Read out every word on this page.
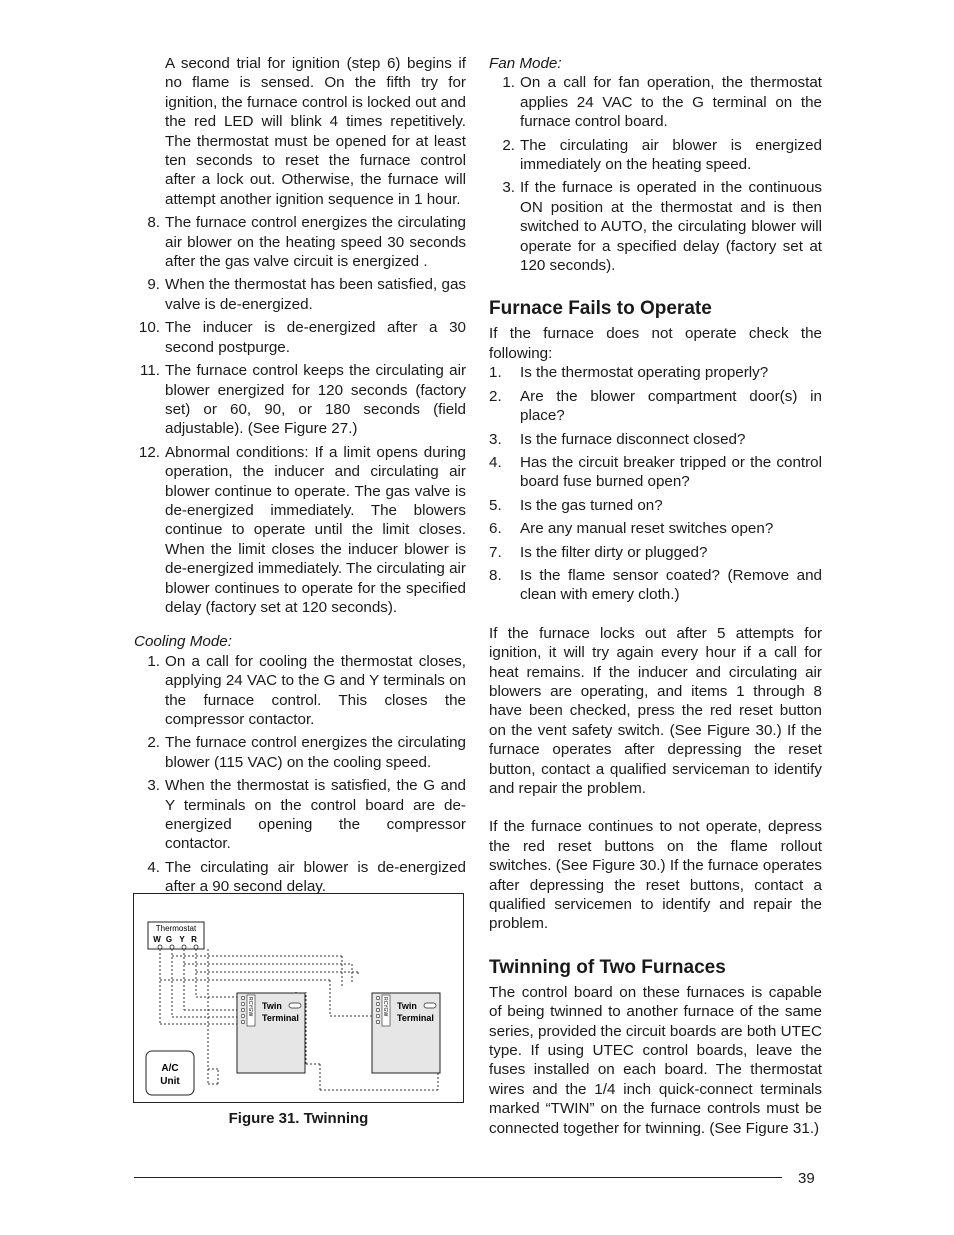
A second trial for ignition (step 6) begins if no flame is sensed. On the fifth try for ignition, the furnace control is locked out and the red LED will blink 4 times repetitively. The thermostat must be opened for at least ten seconds to reset the furnace control after a lock out. Otherwise, the furnace will attempt another ignition sequence in 1 hour.

8. The furnace control energizes the circulating air blower on the heating speed 30 seconds after the gas valve circuit is energized .
9. When the thermostat has been satisfied, gas valve is de-energized.
10. The inducer is de-energized after a 30 second postpurge.
11. The furnace control keeps the circulating air blower energized for 120 seconds (factory set) or 60, 90, or 180 seconds (field adjustable). (See Figure 27.)
12. Abnormal conditions: If a limit opens during operation, the inducer and circulating air blower continue to operate. The gas valve is de-energized immediately. The blowers continue to operate until the limit closes. When the limit closes the inducer blower is de-energized immediately. The circulating air blower continues to operate for the specified delay (factory set at 120 seconds).

Cooling Mode:

1. On a call for cooling the thermostat closes, applying 24 VAC to the G and Y terminals on the furnace control. This closes the compressor contactor.
2. The furnace control energizes the circulating blower (115 VAC) on the cooling speed.
3. When the thermostat is satisfied, the G and Y terminals on the control board are de-energized opening the compressor contactor.
4. The circulating air blower is de-energized after a 90 second delay.
Thermostat
W G Y R
RCYGW Twin
Terminal
RCYGW Twin
Terminal
A/C
Unit
Figure 31. Twinning

Fan Mode:

1. On a call for fan operation, the thermostat applies 24 VAC to the G terminal on the furnace control board.
2. The circulating air blower is energized immediately on the heating speed.
3. If the furnace is operated in the continuous ON position at the thermostat and is then switched to AUTO, the circulating blower will operate for a specified delay (factory set at 120 seconds).
Furnace Fails to Operate

If the furnace does not operate check the following:

1.	Is the thermostat operating properly?
2.	Are the blower compartment door(s) in place?
3.	Is the furnace disconnect closed?
4.	Has the circuit breaker tripped or the control board fuse burned open?
5.	Is the gas turned on?
6.	Are any manual reset switches open?
7.	Is the filter dirty or plugged?
8.	Is the flame sensor coated? (Remove and clean with emery cloth.)

If the furnace locks out after 5 attempts for ignition, it will try again every hour if a call for heat remains. If the inducer and circulating air blowers are operating, and items 1 through 8 have been checked, press the red reset button on the vent safety switch. (See Figure 30.) If the furnace operates after depressing the reset button, contact a qualified serviceman to identify and repair the problem.

If the furnace continues to not operate, depress the red reset buttons on the flame rollout switches. (See Figure 30.) If the furnace operates after depressing the reset buttons, contact a qualified servicemen to identify and repair the problem.

Twinning of Two Furnaces

The control board on these furnaces is capable of being twinned to another furnace of the same series, provided the circuit boards are both UTEC type. If using UTEC control boards, leave the fuses installed on each board. The thermostat wires and the 1/4 inch quick-connect terminals marked “TWIN” on the furnace controls must be connected together for twinning. (See Figure 31.)

39
